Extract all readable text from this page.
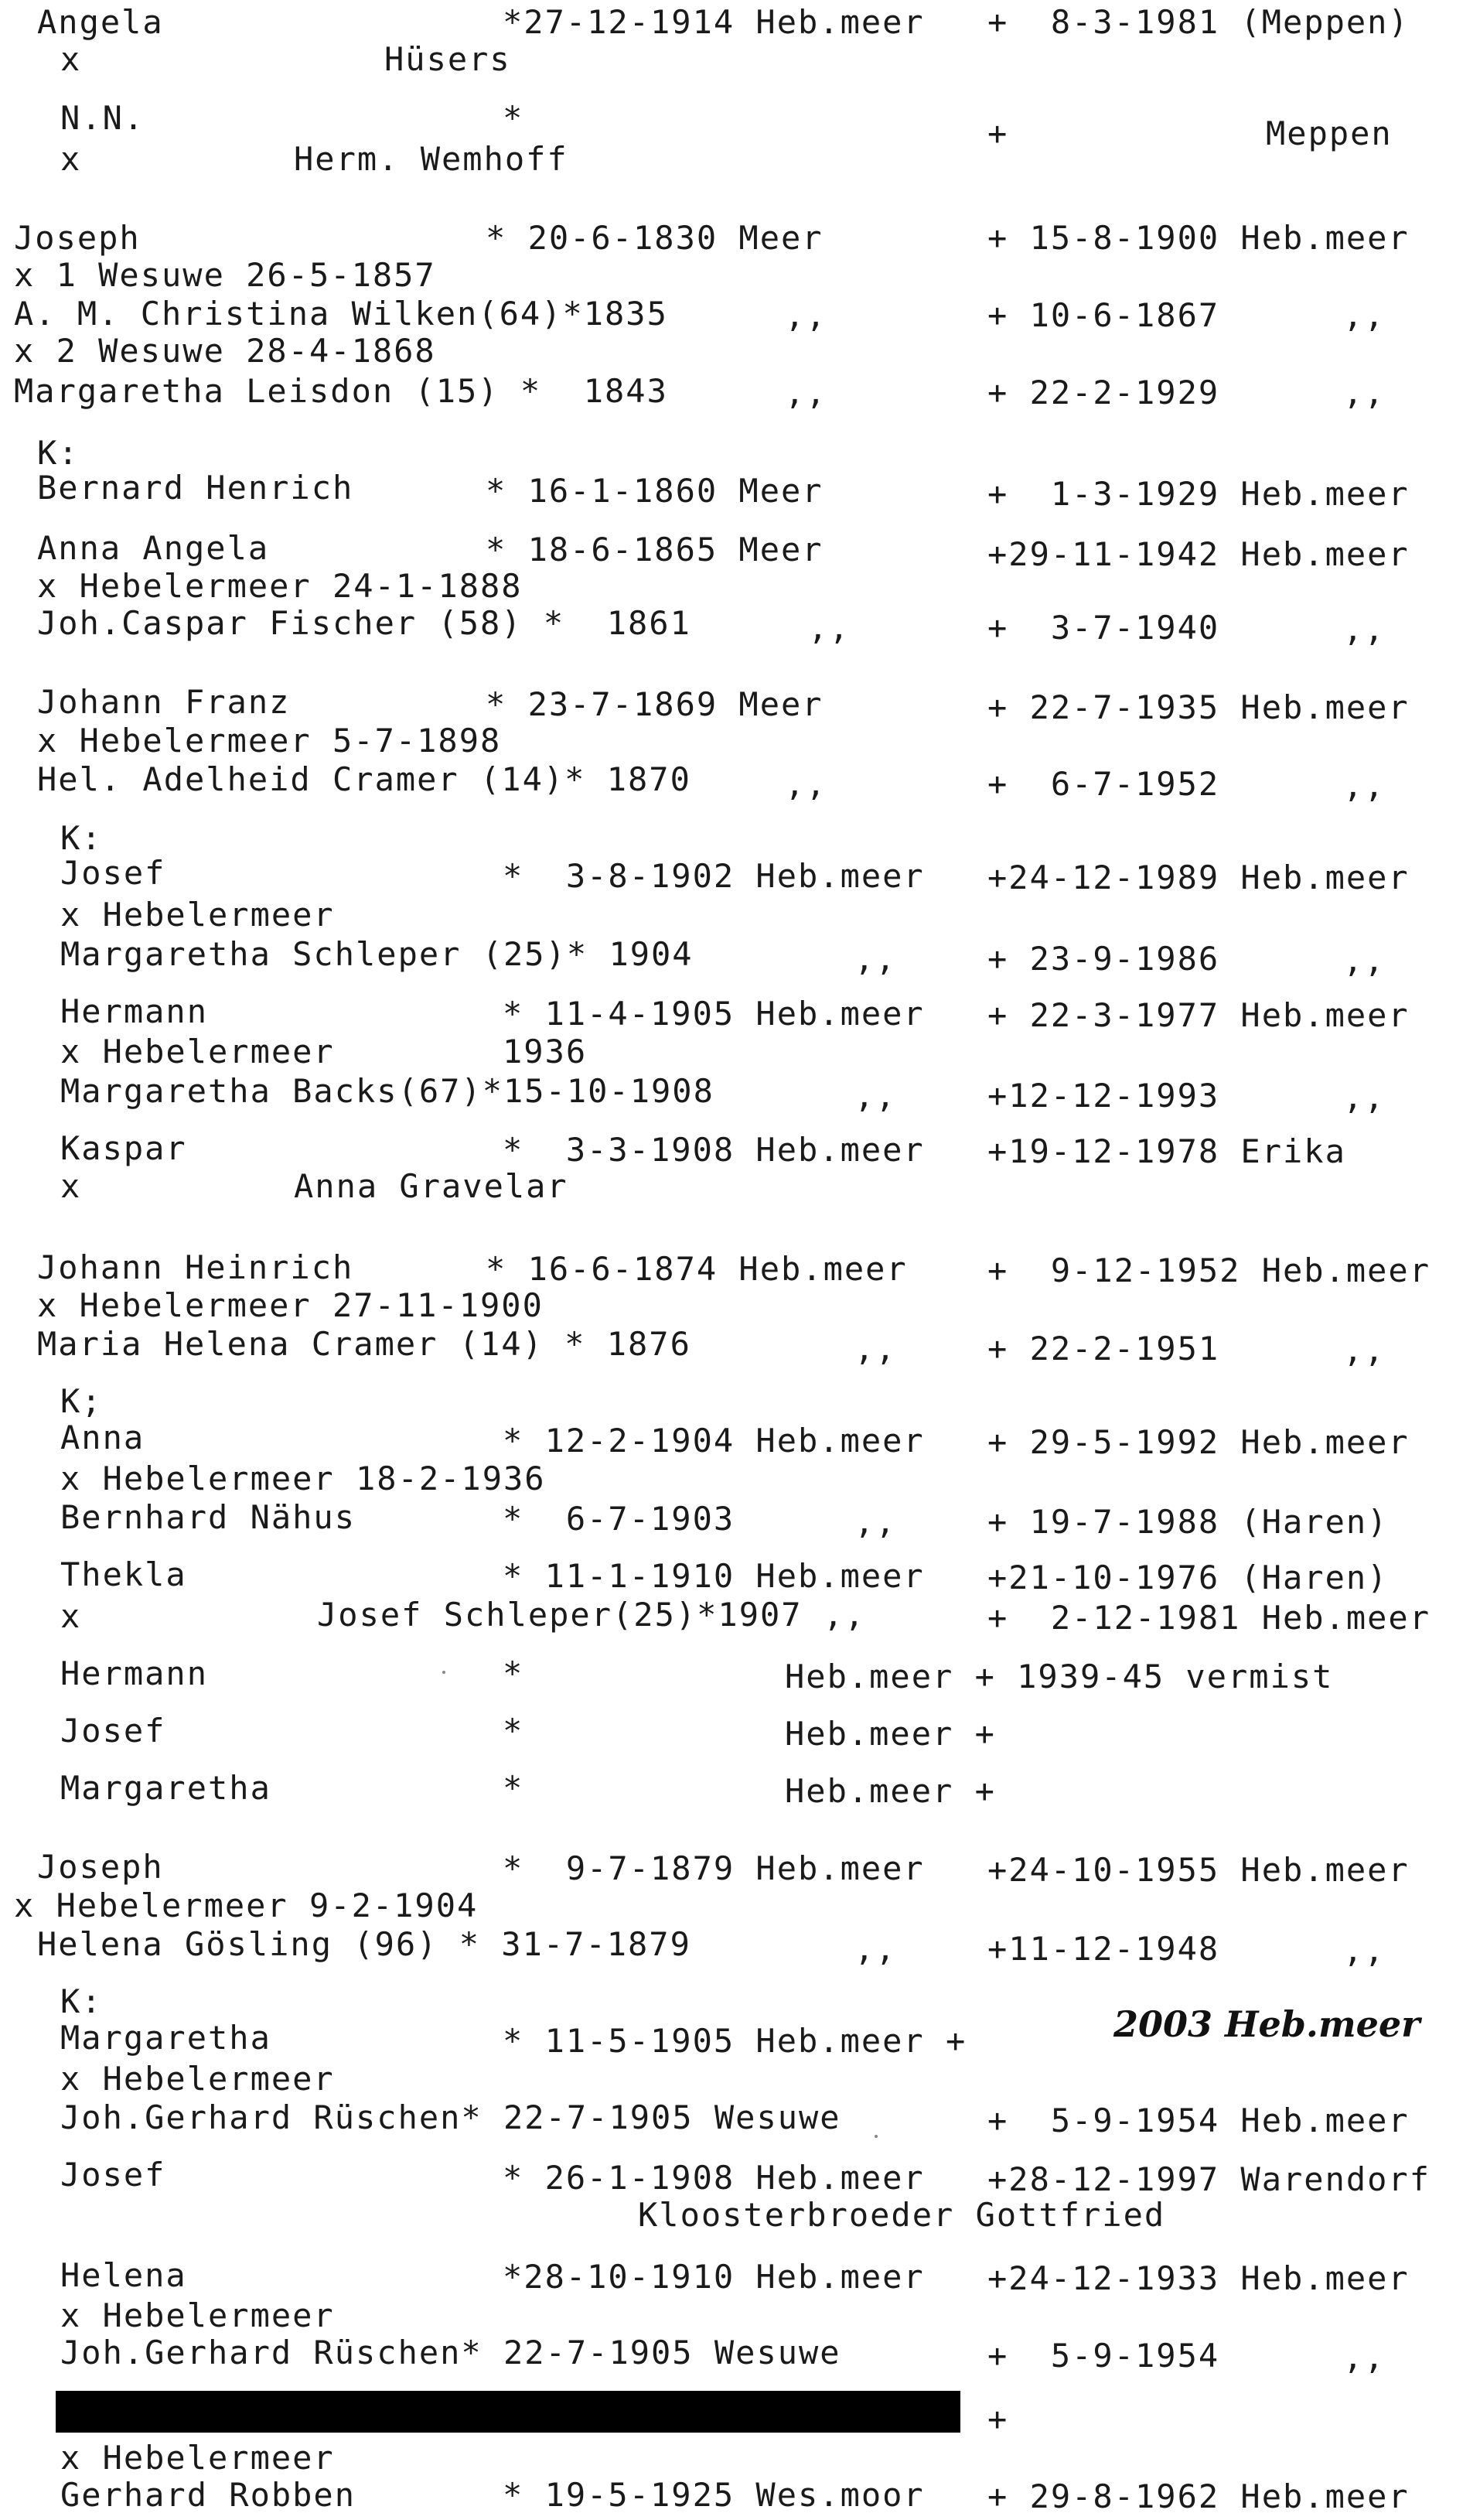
2003 Heb.meer
Angela	*27-12-1914 Heb.meer +  8-3-1981 (Meppen)
x	Hüsers
N.N.	*	+	Meppen
x	Herm. Wemhoff
Joseph	* 20-6-1830 Meer	+ 15-8-1900 Heb.meer
x 1 Wesuwe 26-5-1857
A. M. Christina Wilken(64)*1835	,,	+ 10-6-1867	,,
x 2 Wesuwe 28-4-1868
Margaretha Leisdon (15) *  1843	,,	+ 22-2-1929	,,
K:
Bernard Henrich	* 16-1-1860 Meer	+  1-3-1929 Heb.meer
Anna Angela	* 18-6-1865 Meer	+29-11-1942 Heb.meer
x Hebelermeer 24-1-1888
Joh.Caspar Fischer (58) *  1861	,,	+  3-7-1940	,,
Johann Franz	* 23-7-1869 Meer	+ 22-7-1935 Heb.meer
x Hebelermeer 5-7-1898
Hel. Adelheid Cramer (14)* 1870	,,	+  6-7-1952	,,
K:
Josef	*  3-8-1902 Heb.meer +24-12-1989 Heb.meer
x Hebelermeer
Margaretha Schleper (25)* 1904	,,	+ 23-9-1986	,,
Hermann	* 11-4-1905 Heb.meer + 22-3-1977 Heb.meer
x Hebelermeer	1936
Margaretha Backs(67)*15-10-1908	,,	+12-12-1993	,,
Kaspar	*  3-3-1908 Heb.meer +19-12-1978 Erika
x	Anna Gravelar
Johann Heinrich	* 16-6-1874 Heb.meer +  9-12-1952 Heb.meer
x Hebelermeer 27-11-1900
Maria Helena Cramer (14) * 1876	,,	+ 22-2-1951	,,
K;
Anna	* 12-2-1904 Heb.meer + 29-5-1992 Heb.meer
x Hebelermeer 18-2-1936
Bernhard Nähus	*  6-7-1903	,,	+ 19-7-1988 (Haren)
Thekla	* 11-1-1910 Heb.meer +21-10-1976 (Haren)
x	Josef Schleper(25)*1907 ,,	+  2-12-1981 Heb.meer
Hermann	*	Heb.meer + 1939-45 vermist
Josef	*	Heb.meer +
Margaretha	*	Heb.meer +
Joseph	*  9-7-1879 Heb.meer +24-10-1955 Heb.meer
x Hebelermeer 9-2-1904
Helena Gösling (96) * 31-7-1879	,,	+11-12-1948	,,
K:
Margaretha	* 11-5-1905 Heb.meer +
x Hebelermeer
Joh.Gerhard Rüschen* 22-7-1905 Wesuwe	+  5-9-1954 Heb.meer
Josef	* 26-1-1908 Heb.meer +28-12-1997 Warendorf
Kloosterbroeder Gottfried
Helena	*28-10-1910 Heb.meer +24-12-1933 Heb.meer
x Hebelermeer
Joh.Gerhard Rüschen* 22-7-1905 Wesuwe	+  5-9-1954	,,
+
x Hebelermeer
Gerhard Robben	* 19-5-1925 Wes.moor + 29-8-1962 Heb.meer
